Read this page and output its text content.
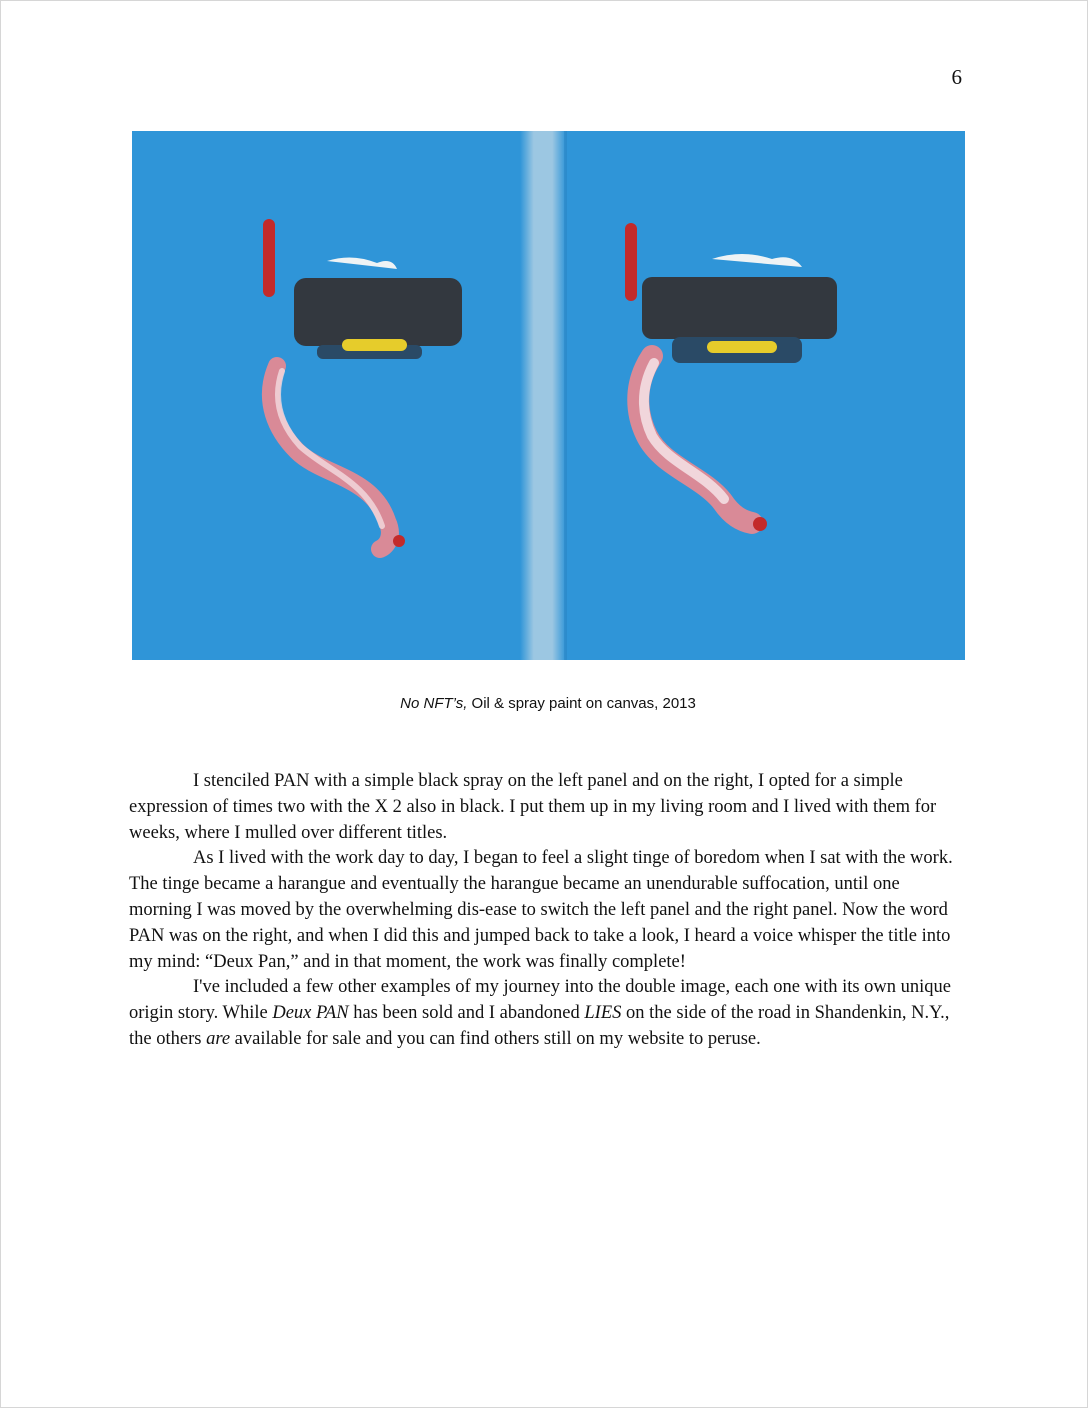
6
No NFT’s, Oil & spray paint on canvas, 2013

I stenciled PAN with a simple black spray on the left panel and on the right, I opted for a simple expression of times two with the X 2 also in black. I put them up in my living room and I lived with them for weeks, where I mulled over different titles.

As I lived with the work day to day, I began to feel a slight tinge of boredom when I sat with the work. The tinge became a harangue and eventually the harangue became an unendurable suffocation, until one morning I was moved by the overwhelming dis-ease to switch the left panel and the right panel. Now the word PAN was on the right, and when I did this and jumped back to take a look, I heard a voice whisper the title into my mind: “Deux Pan,” and in that moment, the work was finally complete!

I've included a few other examples of my journey into the double image, each one with its own unique origin story. While Deux PAN has been sold and I abandoned LIES on the side of the road in Shandenkin, N.Y., the others are available for sale and you can find others still on my website to peruse.
